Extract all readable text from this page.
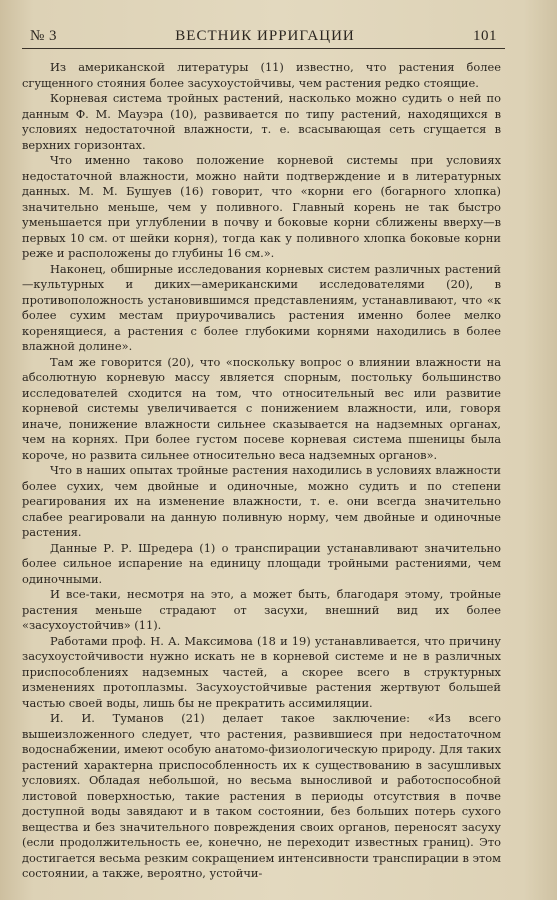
№ 3	ВЕСТНИК ИРРИГАЦИИ	101

Из американской литературы (11) известно, что растения более сгущенного стояния более засухоустойчивы, чем растения редко стоящие.

Корневая система тройных растений, насколько можно судить о ней по данным Ф. М. Мауэра (10), развивается по типу растений, находящихся в условиях недостаточной влажности, т. е. всасывающая сеть сгущается в верхних горизонтах.

Что именно таково положение корневой системы при условиях недостаточной влажности, можно найти подтверждение и в литературных данных. М. М. Бушуев (16) говорит, что «корни его (богарного хлопка) значительно меньше, чем у поливного. Главный корень не так быстро уменьшается при углублении в почву и боковые корни сближены вверху—в первых 10 см. от шейки корня), тогда как у поливного хлопка боковые корни реже и расположены до глубины 16 см.».

Наконец, обширные исследования корневых систем различных растений—культурных и диких—американскими исследователями (20), в противоположность установившимся представлениям, устанавливают, что «к более сухим местам приурочивались растения именно более мелко коренящиеся, а растения с более глубокими корнями находились в более влажной долине».

Там же говорится (20), что «поскольку вопрос о влиянии влажности на абсолютную корневую массу является спорным, постольку большинство исследователей сходится на том, что относительный вес или развитие корневой системы увеличивается с понижением влажности, или, говоря иначе, понижение влажности сильнее сказывается на надземных органах, чем на корнях. При более густом посеве корневая система пшеницы была короче, но развита сильнее относительно веса надземных органов».

Что в наших опытах тройные растения находились в условиях влажности более сухих, чем двойные и одиночные, можно судить и по степени реагирования их на изменение влажности, т. е. они всегда значительно слабее реагировали на данную поливную норму, чем двойные и одиночные растения.

Данные Р. Р. Шредера (1) о транспирации устанавливают значительно более сильное испарение на единицу площади тройными растениями, чем одиночными.

И все-таки, несмотря на это, а может быть, благодаря этому, тройные растения меньше страдают от засухи, внешний вид их более «засухоустойчив» (11).

Работами проф. Н. А. Максимова (18 и 19) устанавливается, что причину засухоустойчивости нужно искать не в корневой системе и не в различных приспособлениях надземных частей, а скорее всего в структурных изменениях протоплазмы. Засухоустойчивые растения жертвуют большей частью своей воды, лишь бы не прекратить ассимиляции.

И. И. Туманов (21) делает такое заключение: «Из всего вышеизложенного следует, что растения, развившиеся при недостаточном водоснабжении, имеют особую анатомо-физиологическую природу. Для таких растений характерна приспособленность их к существованию в засушливых условиях. Обладая небольшой, но весьма выносливой и работоспособной листовой поверхностью, такие растения в периоды отсутствия в почве доступной воды завядают и в таком состоянии, без больших потерь сухого вещества и без значительного повреждения своих органов, переносят засуху (если продолжительность ее, конечно, не переходит известных границ). Это достигается весьма резким сокращением интенсивности транспирации в этом состоянии, а также, вероятно, устойчи-
